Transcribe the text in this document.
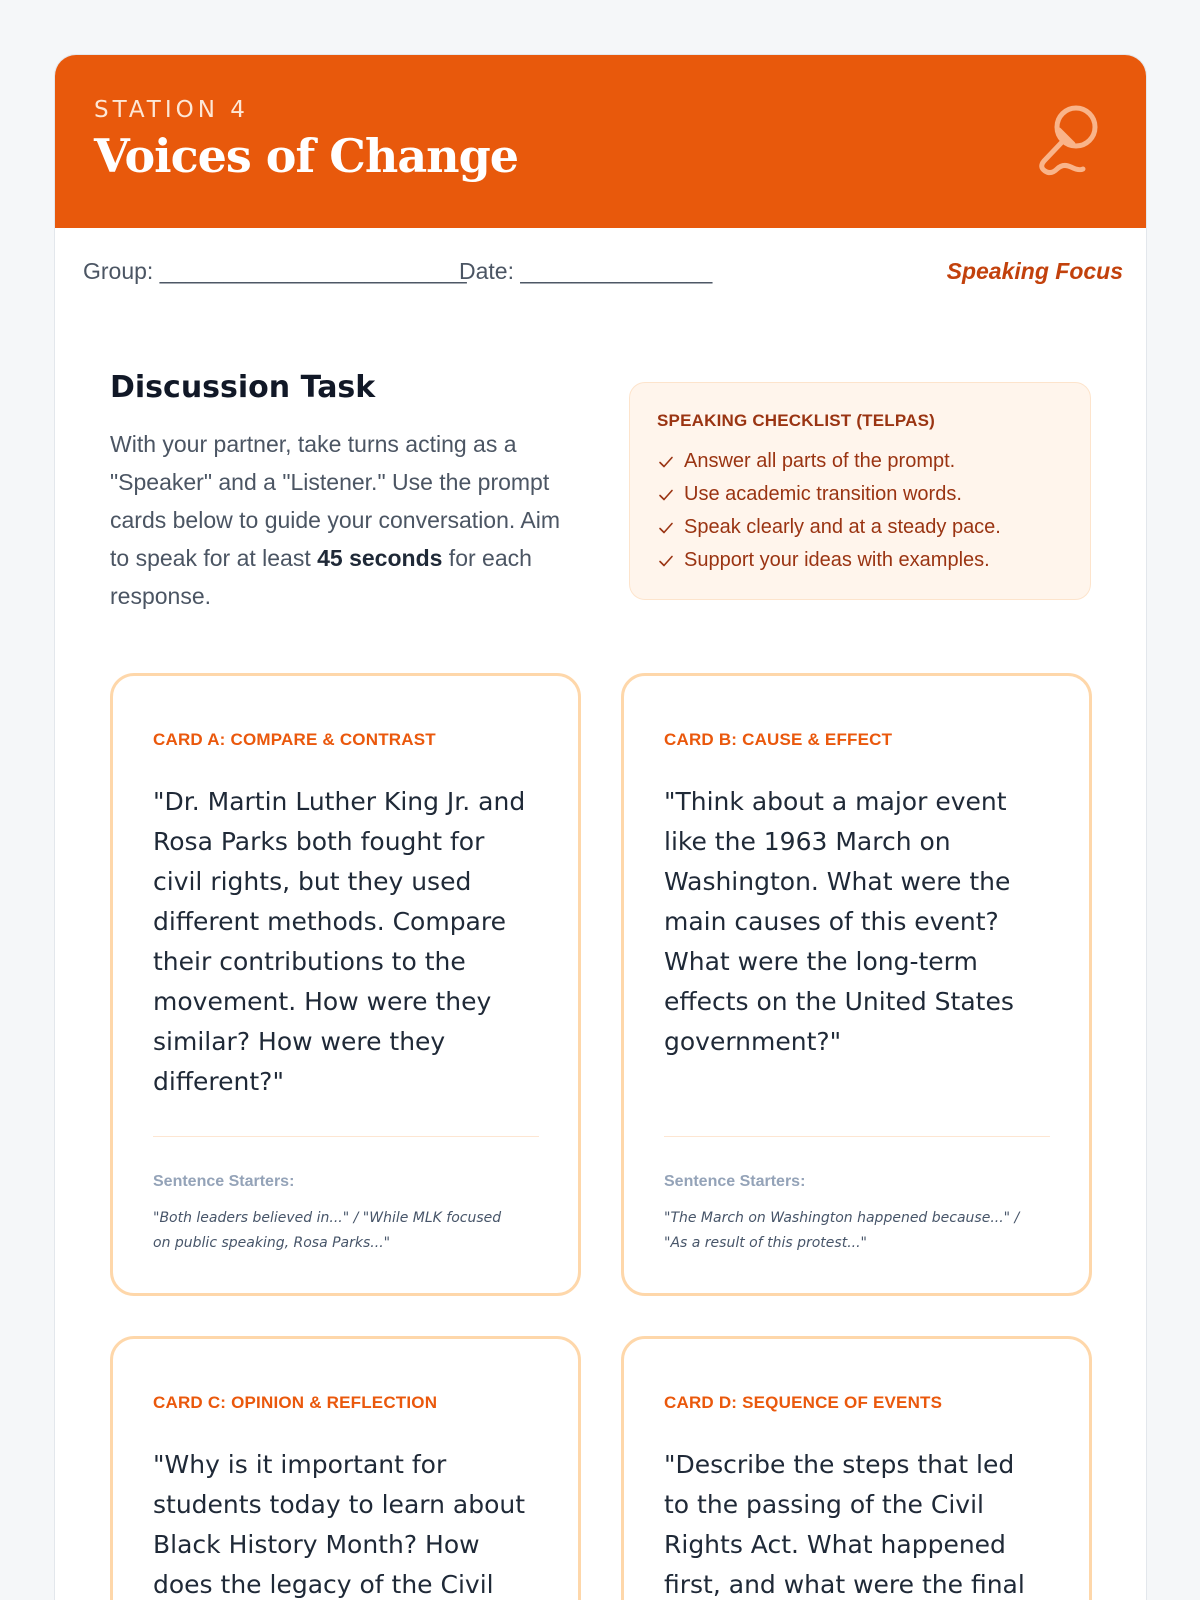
STATION 4
Voices of Change
Group: ________________________
Date: _______________	Speaking Focus
Discussion Task

With your partner, take turns acting as a "Speaker" and a "Listener." Use the prompt cards below to guide your conversation. Aim to speak for at least 45 seconds for each response.

SPEAKING CHECKLIST (TELPAS)
Answer all parts of the prompt.
Use academic transition words.
Speak clearly and at a steady pace.
Support your ideas with examples.
CARD A: COMPARE & CONTRAST
"Dr. Martin Luther King Jr. and Rosa Parks both fought for civil rights, but they used different methods. Compare their contributions to the movement. How were they similar? How were they different?"
Sentence Starters:
"Both leaders believed in..." / "While MLK focused on public speaking, Rosa Parks..."
CARD B: CAUSE & EFFECT
"Think about a major event like the 1963 March on Washington. What were the main causes of this event? What were the long-term effects on the United States government?"
Sentence Starters:
"The March on Washington happened because..." / "As a result of this protest..."
CARD C: OPINION & REFLECTION
"Why is it important for students today to learn about Black History Month? How does the legacy of the Civil
CARD D: SEQUENCE OF EVENTS
"Describe the steps that led to the passing of the Civil Rights Act. What happened first, and what were the final
